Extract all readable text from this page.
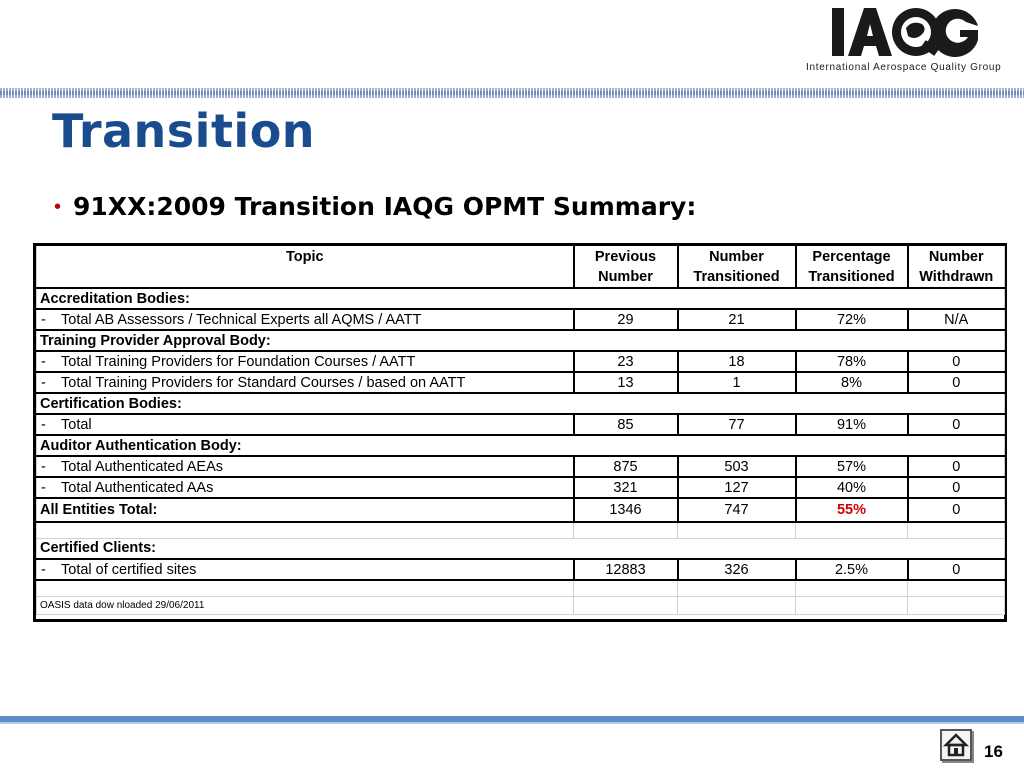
International Aerospace Quality Group
Transition
• 91XX:2009 Transition IAQG OPMT Summary:
Topic	Previous	Number	Percentage	Number
	Number	Transitioned	Transitioned	Withdrawn
Accreditation Bodies:				
- Total AB Assessors / Technical Experts all AQMS / AATT	29	21	72%	N/A
Training Provider Approval Body:				
- Total Training Providers for Foundation Courses / AATT	23	18	78%	0
- Total Training Providers for Standard Courses / based on AATT	13	1	8%	0
Certification Bodies:				
- Total	85	77	91%	0
Auditor Authentication Body:				
- Total Authenticated AEAs	875	503	57%	0
- Total Authenticated AAs	321	127	40%	0
All Entities Total:	1346	747	55%	0

Certified Clients:				
- Total of certified sites	12883	326	2.5%	0

OASIS data dow nloaded 29/06/2011				
16
